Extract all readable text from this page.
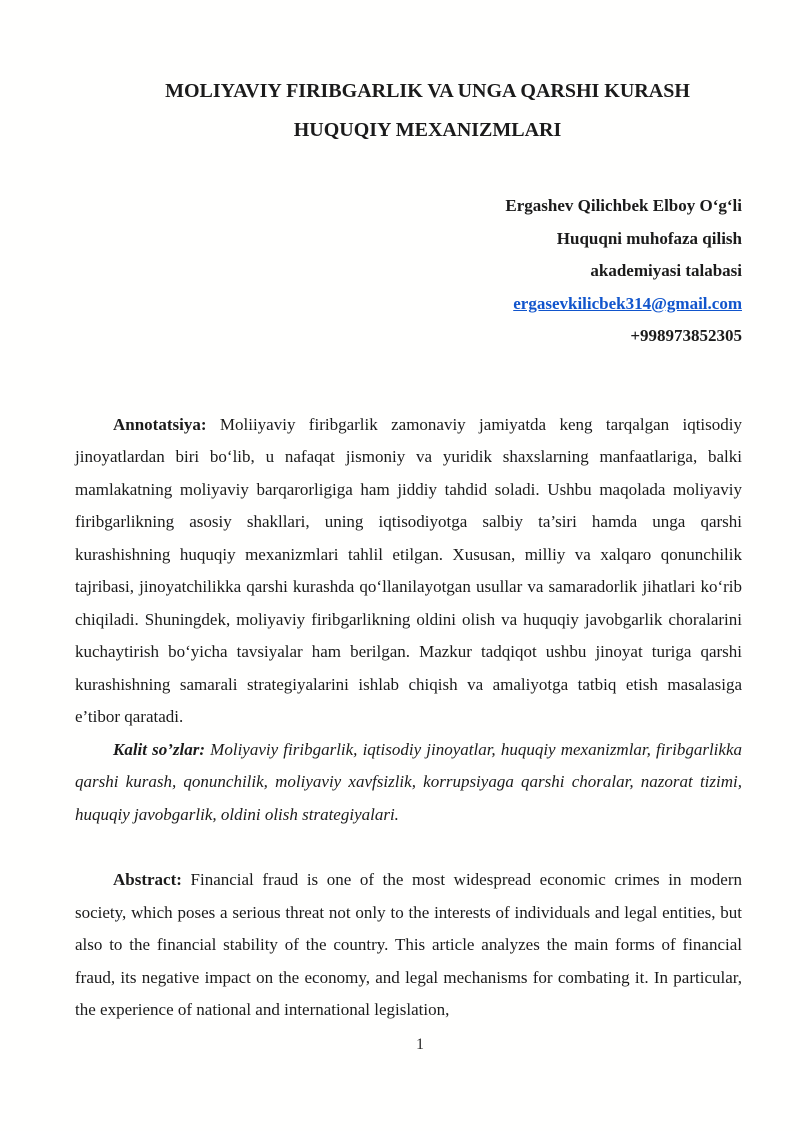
MOLIYAVIY FIRIBGARLIK VA UNGA QARSHI KURASH
HUQUQIY MEXANIZMLARI
Ergashev Qilichbek Elboy O‘g‘li
Huquqni muhofaza qilish
akademiyasi talabasi
ergasevkilicbek314@gmail.com
+998973852305

Annotatsiya: Moliiyaviy firibgarlik zamonaviy jamiyatda keng tarqalgan iqtisodiy jinoyatlardan biri bo‘lib, u nafaqat jismoniy va yuridik shaxslarning manfaatlariga, balki mamlakatning moliyaviy barqarorligiga ham jiddiy tahdid soladi. Ushbu maqolada moliyaviy firibgarlikning asosiy shakllari, uning iqtisodiyotga salbiy ta’siri hamda unga qarshi kurashishning huquqiy mexanizmlari tahlil etilgan. Xususan, milliy va xalqaro qonunchilik tajribasi, jinoyatchilikka qarshi kurashda qo‘llanilayotgan usullar va samaradorlik jihatlari ko‘rib chiqiladi. Shuningdek, moliyaviy firibgarlikning oldini olish va huquqiy javobgarlik choralarini kuchaytirish bo‘yicha tavsiyalar ham berilgan. Mazkur tadqiqot ushbu jinoyat turiga qarshi kurashishning samarali strategiyalarini ishlab chiqish va amaliyotga tatbiq etish masalasiga e’tibor qaratadi.

Kalit so’zlar: Moliyaviy firibgarlik, iqtisodiy jinoyatlar, huquqiy mexanizmlar, firibgarlikka qarshi kurash, qonunchilik, moliyaviy xavfsizlik, korrupsiyaga qarshi choralar, nazorat tizimi, huquqiy javobgarlik, oldini olish strategiyalari.

Abstract: Financial fraud is one of the most widespread economic crimes in modern society, which poses a serious threat not only to the interests of individuals and legal entities, but also to the financial stability of the country. This article analyzes the main forms of financial fraud, its negative impact on the economy, and legal mechanisms for combating it. In particular, the experience of national and international legislation,

1
